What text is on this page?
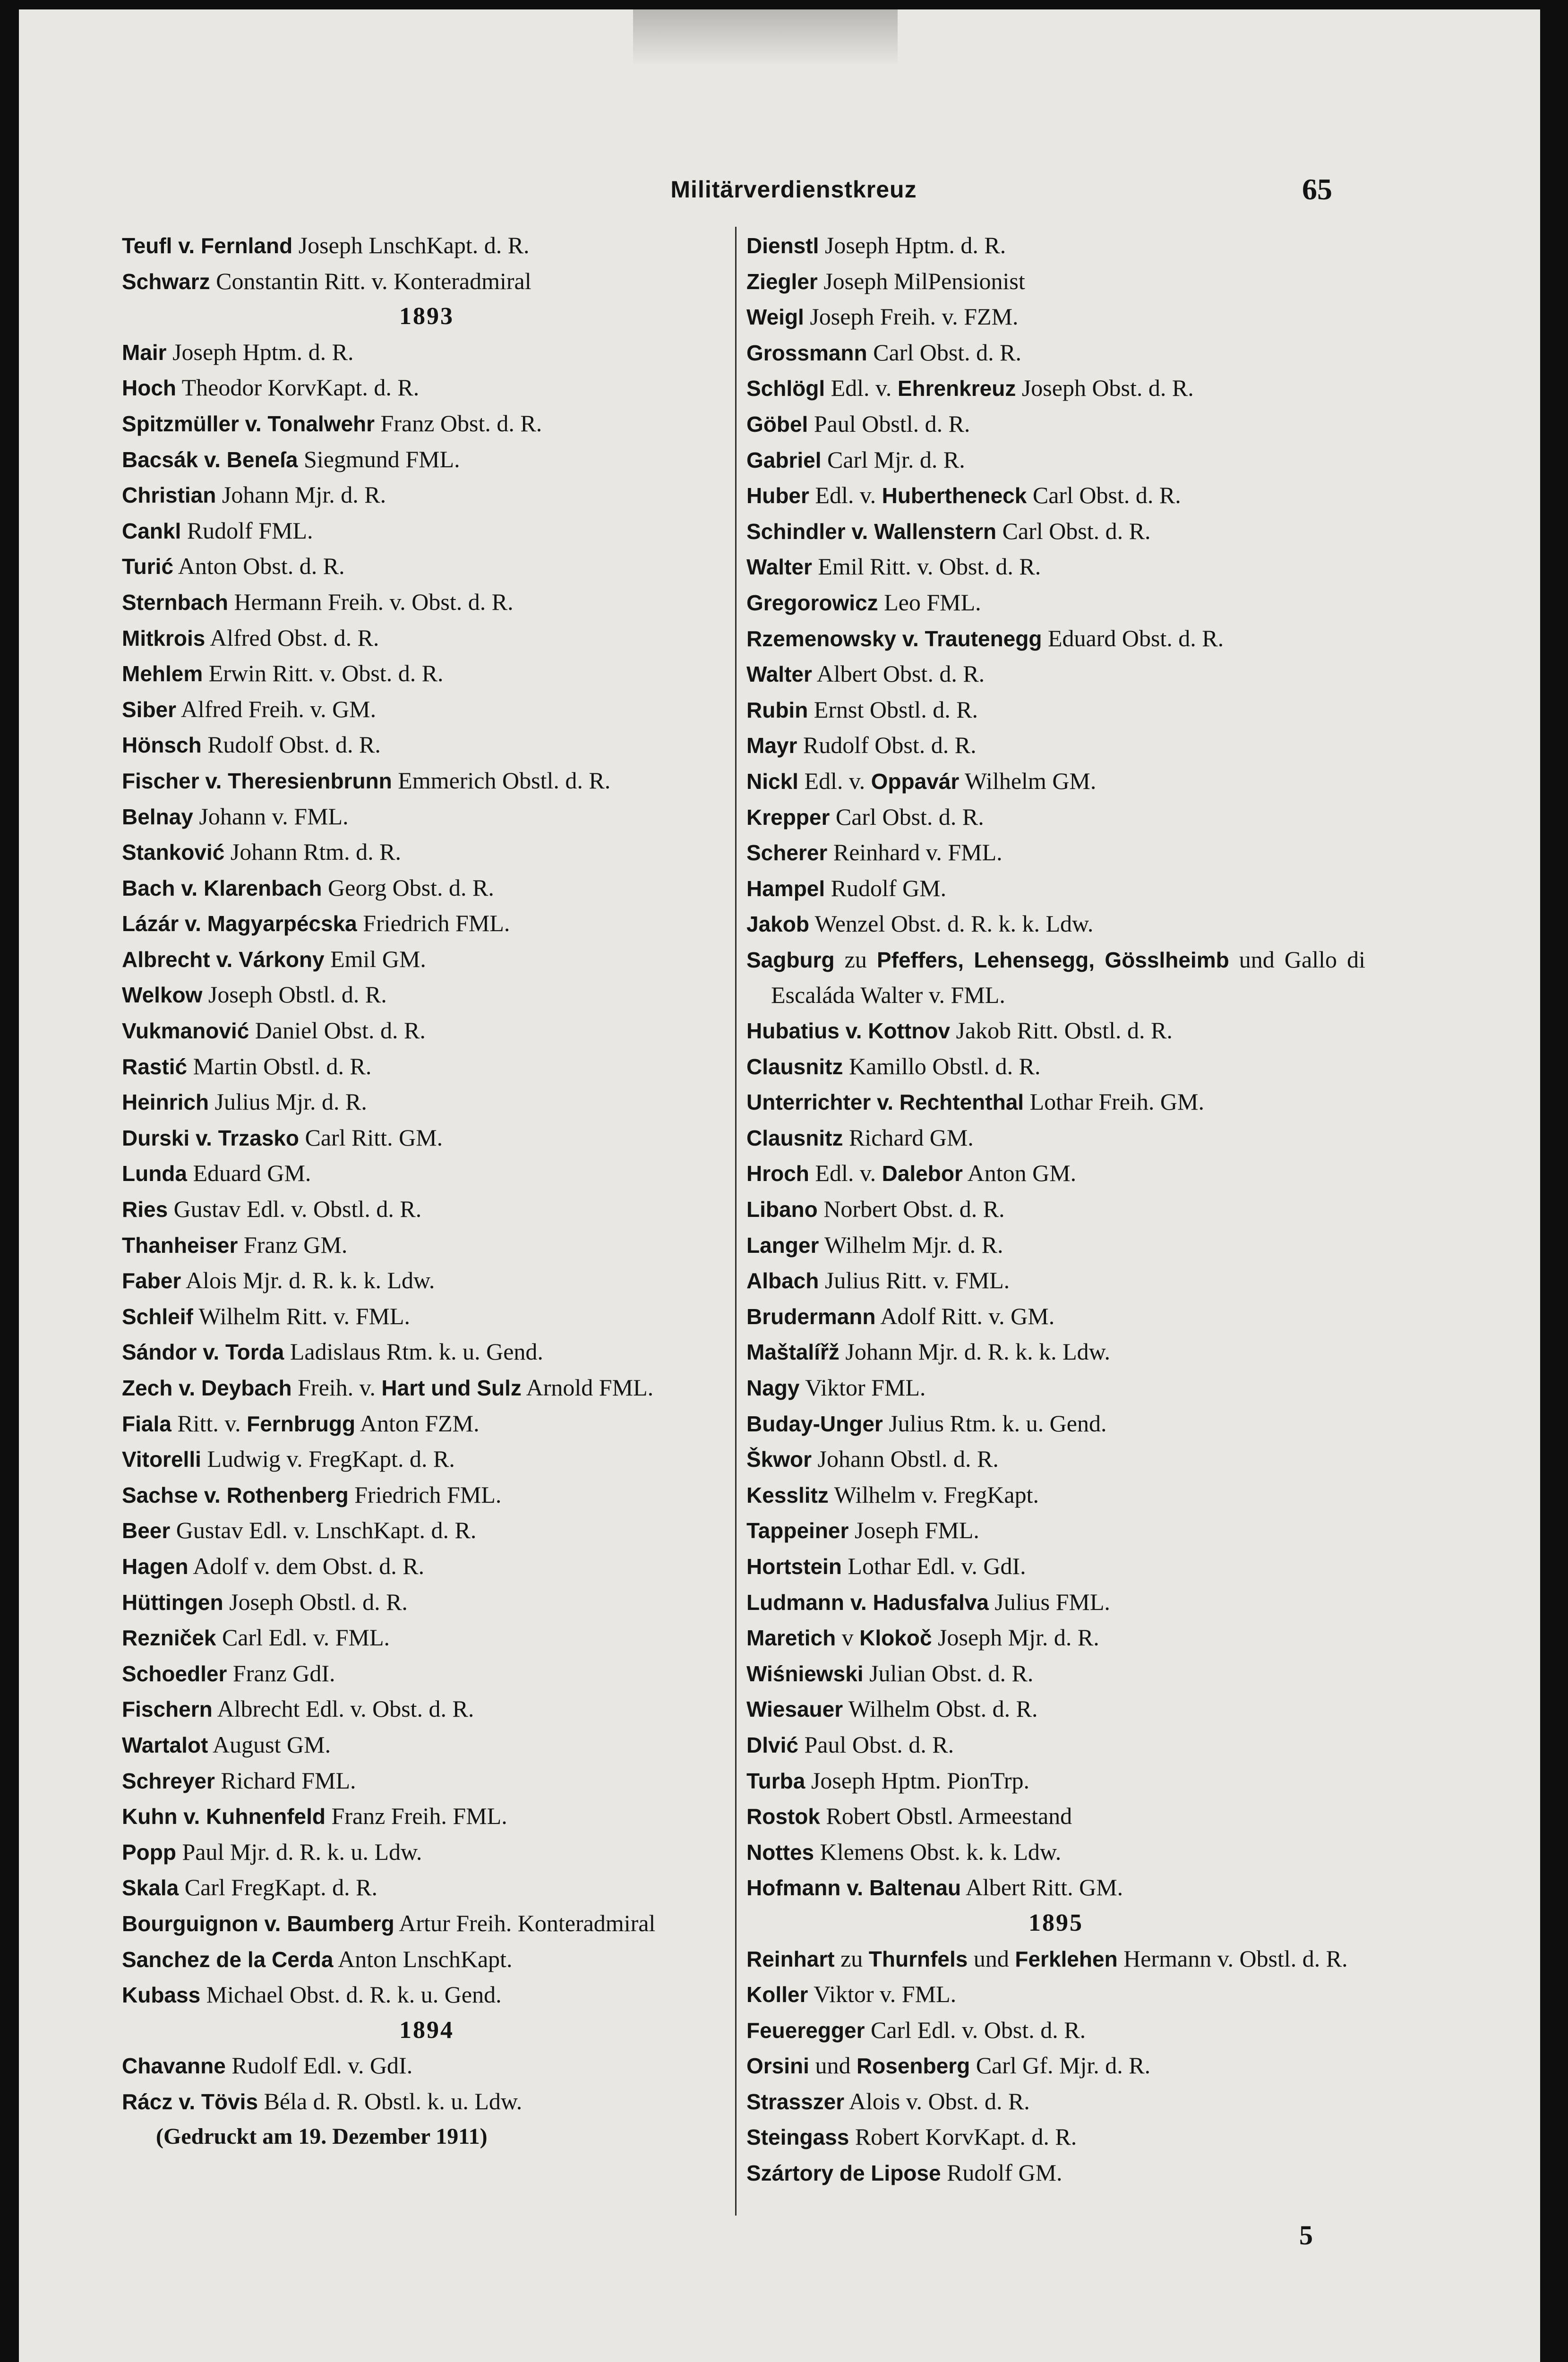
Militärverdienstkreuz	65
Teufl v. Fernland Joseph LnschKapt. d. R.
Schwarz Constantin Ritt. v. Konteradmiral
1893
Mair Joseph Hptm. d. R.
Hoch Theodor KorvKapt. d. R.
Spitzmüller v. Tonalwehr Franz Obst. d. R.
Bacsák v. Beneſa Siegmund FML.
Christian Johann Mjr. d. R.
Cankl Rudolf FML.
Turić Anton Obst. d. R.
Sternbach Hermann Freih. v. Obst. d. R.
Mitkrois Alfred Obst. d. R.
Mehlem Erwin Ritt. v. Obst. d. R.
Siber Alfred Freih. v. GM.
Hönsch Rudolf Obst. d. R.
Fischer v. Theresienbrunn Emmerich Obstl. d. R.
Belnay Johann v. FML.
Stanković Johann Rtm. d. R.
Bach v. Klarenbach Georg Obst. d. R.
Lázár v. Magyarpécska Friedrich FML.
Albrecht v. Várkony Emil GM.
Welkow Joseph Obstl. d. R.
Vukmanović Daniel Obst. d. R.
Rastić Martin Obstl. d. R.
Heinrich Julius Mjr. d. R.
Durski v. Trzasko Carl Ritt. GM.
Lunda Eduard GM.
Ries Gustav Edl. v. Obstl. d. R.
Thanheiser Franz GM.
Faber Alois Mjr. d. R. k. k. Ldw.
Schleif Wilhelm Ritt. v. FML.
Sándor v. Torda Ladislaus Rtm. k. u. Gend.
Zech v. Deybach Freih. v. Hart und Sulz Arnold FML.
Fiala Ritt. v. Fernbrugg Anton FZM.
Vitorelli Ludwig v. FregKapt. d. R.
Sachse v. Rothenberg Friedrich FML.
Beer Gustav Edl. v. LnschKapt. d. R.
Hagen Adolf v. dem Obst. d. R.
Hüttingen Joseph Obstl. d. R.
Rezniček Carl Edl. v. FML.
Schoedler Franz GdI.
Fischern Albrecht Edl. v. Obst. d. R.
Wartalot August GM.
Schreyer Richard FML.
Kuhn v. Kuhnenfeld Franz Freih. FML.
Popp Paul Mjr. d. R. k. u. Ldw.
Skala Carl FregKapt. d. R.
Bourguignon v. Baumberg Artur Freih. Konteradmiral
Sanchez de la Cerda Anton LnschKapt.
Kubass Michael Obst. d. R. k. u. Gend.
1894
Chavanne Rudolf Edl. v. GdI.
Rácz v. Tövis Béla d. R. Obstl. k. u. Ldw.
(Gedruckt am 19. Dezember 1911)
Dienstl Joseph Hptm. d. R.
Ziegler Joseph MilPensionist
Weigl Joseph Freih. v. FZM.
Grossmann Carl Obst. d. R.
Schlögl Edl. v. Ehrenkreuz Joseph Obst. d. R.
Göbel Paul Obstl. d. R.
Gabriel Carl Mjr. d. R.
Huber Edl. v. Hubertheneck Carl Obst. d. R.
Schindler v. Wallenstern Carl Obst. d. R.
Walter Emil Ritt. v. Obst. d. R.
Gregorowicz Leo FML.
Rzemenowsky v. Trautenegg Eduard Obst. d. R.
Walter Albert Obst. d. R.
Rubin Ernst Obstl. d. R.
Mayr Rudolf Obst. d. R.
Nickl Edl. v. Oppavár Wilhelm GM.
Krepper Carl Obst. d. R.
Scherer Reinhard v. FML.
Hampel Rudolf GM.
Jakob Wenzel Obst. d. R. k. k. Ldw.
Sagburg zu Pfeffers, Lehensegg, Gösslheimb und Gallo di Escaláda Walter v. FML.
Hubatius v. Kottnov Jakob Ritt. Obstl. d. R.
Clausnitz Kamillo Obstl. d. R.
Unterrichter v. Rechtenthal Lothar Freih. GM.
Clausnitz Richard GM.
Hroch Edl. v. Dalebor Anton GM.
Libano Norbert Obst. d. R.
Langer Wilhelm Mjr. d. R.
Albach Julius Ritt. v. FML.
Brudermann Adolf Ritt. v. GM.
Maštalířž Johann Mjr. d. R. k. k. Ldw.
Nagy Viktor FML.
Buday-Unger Julius Rtm. k. u. Gend.
Škwor Johann Obstl. d. R.
Kesslitz Wilhelm v. FregKapt.
Tappeiner Joseph FML.
Hortstein Lothar Edl. v. GdI.
Ludmann v. Hadusfalva Julius FML.
Maretich v Klokoč Joseph Mjr. d. R.
Wiśniewski Julian Obst. d. R.
Wiesauer Wilhelm Obst. d. R.
Dlvić Paul Obst. d. R.
Turba Joseph Hptm. PionTrp.
Rostok Robert Obstl. Armeestand
Nottes Klemens Obst. k. k. Ldw.
Hofmann v. Baltenau Albert Ritt. GM.
1895
Reinhart zu Thurnfels und Ferklehen Hermann v. Obstl. d. R.
Koller Viktor v. FML.
Feueregger Carl Edl. v. Obst. d. R.
Orsini und Rosenberg Carl Gf. Mjr. d. R.
Strasszer Alois v. Obst. d. R.
Steingass Robert KorvKapt. d. R.
Szártory de Lipose Rudolf GM.
5
